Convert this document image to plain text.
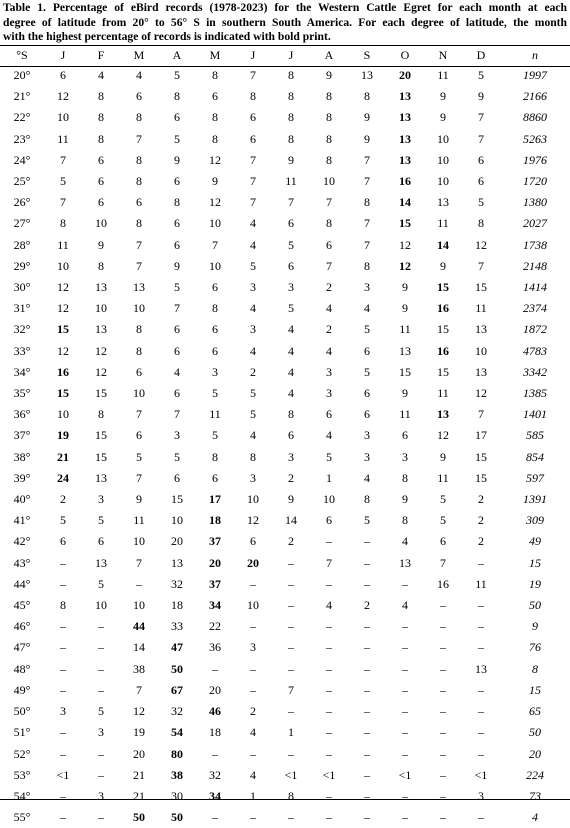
Table 1. Percentage of eBird records (1978-2023) for the Western Cattle Egret for each month at each
degree of latitude from 20° to 56° S in southern South America. For each degree of latitude, the month
with the highest percentage of records is indicated with bold print.
°S	J	F	M	A	M	J	J	A	S	O	N	D	n
20°	6	4	4	5	8	7	8	9	13	20	11	5	1997
21°	12	8	6	8	6	8	8	8	8	13	9	9	2166
22°	10	8	8	6	8	6	8	8	9	13	9	7	8860
23°	11	8	7	5	8	6	8	8	9	13	10	7	5263
24°	7	6	8	9	12	7	9	8	7	13	10	6	1976
25°	5	6	8	6	9	7	11	10	7	16	10	6	1720
26°	7	6	6	8	12	7	7	7	8	14	13	5	1380
27°	8	10	8	6	10	4	6	8	7	15	11	8	2027
28°	11	9	7	6	7	4	5	6	7	12	14	12	1738
29°	10	8	7	9	10	5	6	7	8	12	9	7	2148
30°	12	13	13	5	6	3	3	2	3	9	15	15	1414
31°	12	10	10	7	8	4	5	4	4	9	16	11	2374
32°	15	13	8	6	6	3	4	2	5	11	15	13	1872
33°	12	12	8	6	6	4	4	4	6	13	16	10	4783
34°	16	12	6	4	3	2	4	3	5	15	15	13	3342
35°	15	15	10	6	5	5	4	3	6	9	11	12	1385
36°	10	8	7	7	11	5	8	6	6	11	13	7	1401
37°	19	15	6	3	5	4	6	4	3	6	12	17	585
38°	21	15	5	5	8	8	3	5	3	3	9	15	854
39°	24	13	7	6	6	3	2	1	4	8	11	15	597
40°	2	3	9	15	17	10	9	10	8	9	5	2	1391
41°	5	5	11	10	18	12	14	6	5	8	5	2	309
42°	6	6	10	20	37	6	2	–	–	4	6	2	49
43°	–	13	7	13	20	20	–	7	–	13	7	–	15
44°	–	5	–	32	37	–	–	–	–	–	16	11	19
45°	8	10	10	18	34	10	–	4	2	4	–	–	50
46°	–	–	44	33	22	–	–	–	–	–	–	–	9
47°	–	–	14	47	36	3	–	–	–	–	–	–	76
48°	–	–	38	50	–	–	–	–	–	–	–	13	8
49°	–	–	7	67	20	–	7	–	–	–	–	–	15
50°	3	5	12	32	46	2	–	–	–	–	–	–	65
51°	–	3	19	54	18	4	1	–	–	–	–	–	50
52°	–	–	20	80	–	–	–	–	–	–	–	–	20
53°	<1	–	21	38	32	4	<1	<1	–	<1	–	<1	224
54°	–	3	21	30	34	1	8	–	–	–	–	3	73
55°	–	–	50	50	–	–	–	–	–	–	–	–	4
